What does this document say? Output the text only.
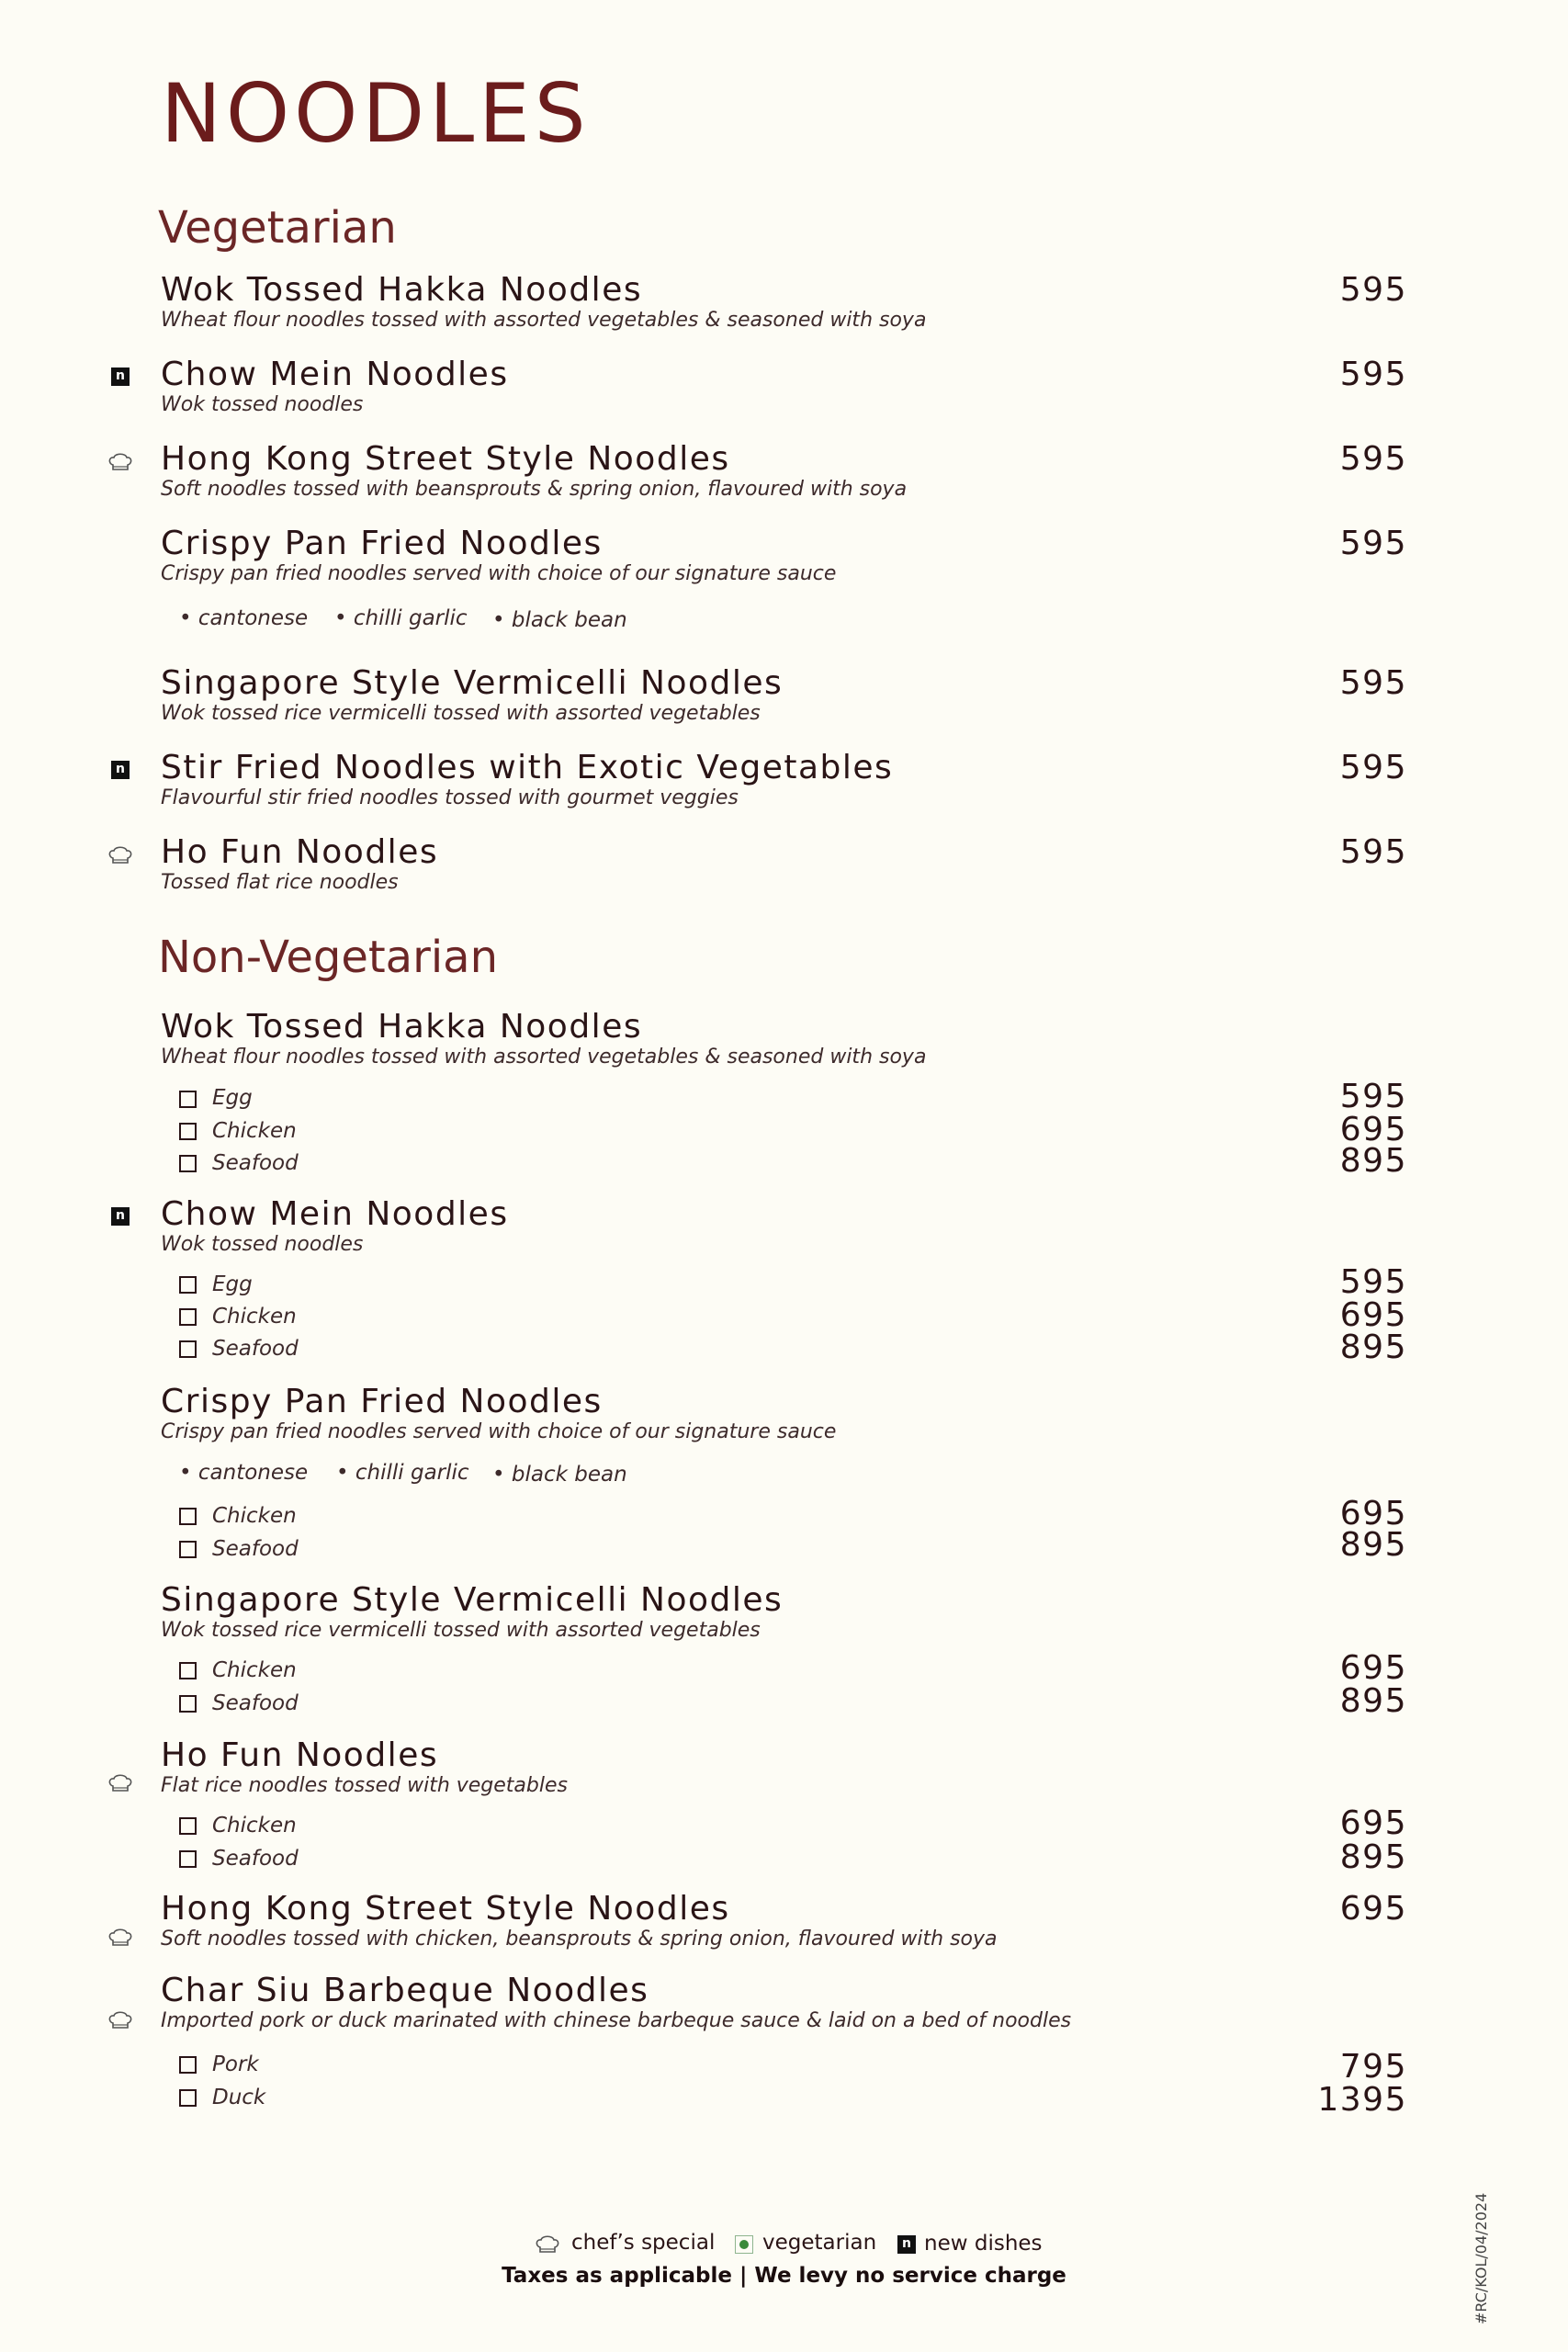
NOODLES
Vegetarian
Wok Tossed Hakka Noodles
Wheat flour noodles tossed with assorted vegetables & seasoned with soya
595
n Chow Mein Noodles
Wok tossed noodles
595
Hong Kong Street Style Noodles
Soft noodles tossed with beansprouts & spring onion, flavoured with soya
595
Crispy Pan Fried Noodles
Crispy pan fried noodles served with choice of our signature sauce
595
• cantonese • chilli garlic • black bean
Singapore Style Vermicelli Noodles
Wok tossed rice vermicelli tossed with assorted vegetables
595
n Stir Fried Noodles with Exotic Vegetables
Flavourful stir fried noodles tossed with gourmet veggies
595
Ho Fun Noodles
Tossed flat rice noodles
595
Non-Vegetarian
Wok Tossed Hakka Noodles
Wheat flour noodles tossed with assorted vegetables & seasoned with soya
Egg	595
Chicken	695
Seafood	895
n Chow Mein Noodles
Wok tossed noodles
Egg	595
Chicken	695
Seafood	895
Crispy Pan Fried Noodles
Crispy pan fried noodles served with choice of our signature sauce
• cantonese • chilli garlic • black bean
Chicken	695
Seafood	895
Singapore Style Vermicelli Noodles
Wok tossed rice vermicelli tossed with assorted vegetables
Chicken	695
Seafood	895
Ho Fun Noodles
Flat rice noodles tossed with vegetables
Chicken	695
Seafood	895
Hong Kong Street Style Noodles
Soft noodles tossed with chicken, beansprouts & spring onion, flavoured with soya
695
Char Siu Barbeque Noodles
Imported pork or duck marinated with chinese barbeque sauce & laid on a bed of noodles
Pork	795
Duck	1395
chef’s special vegetarian	n new dishes
Taxes as applicable | We levy no service charge	#RC/KOL/04/2024
